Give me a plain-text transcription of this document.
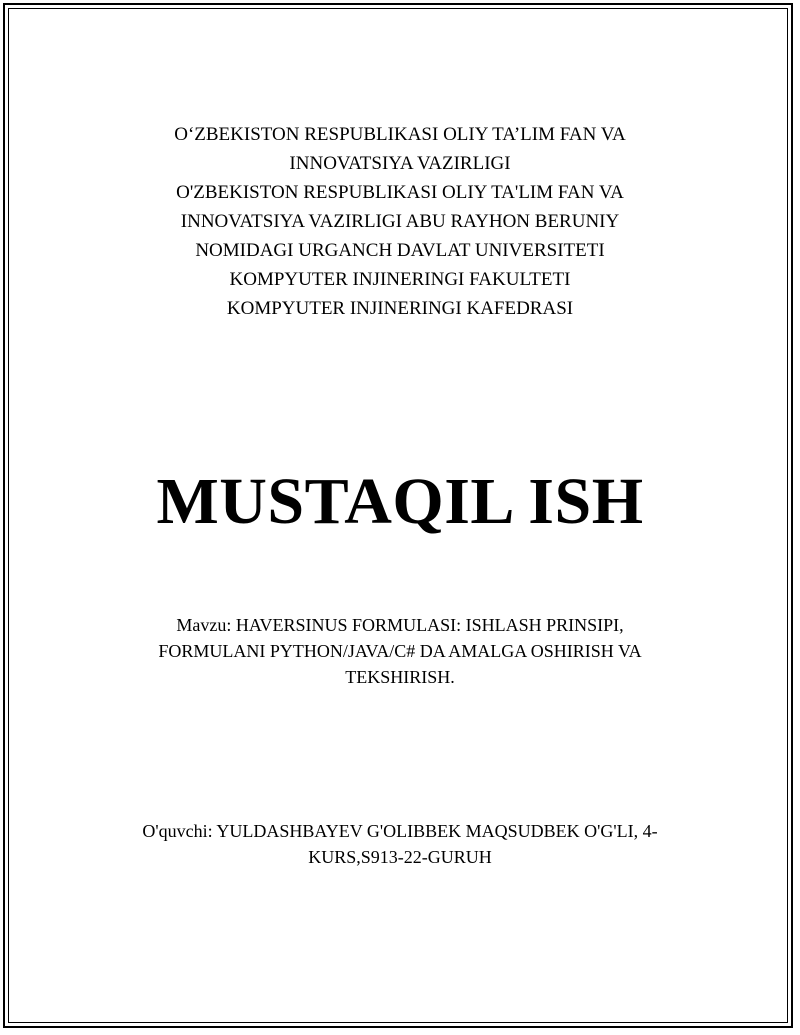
O‘ZBEKISTON RESPUBLIKASI OLIY TA’LIM FAN VA
INNOVATSIYA VAZIRLIGI
O'ZBEKISTON RESPUBLIKASI OLIY TA'LIM FAN VA
INNOVATSIYA VAZIRLIGI ABU RAYHON BERUNIY
NOMIDAGI URGANCH DAVLAT UNIVERSITETI
KOMPYUTER INJINERINGI FAKULTETI
KOMPYUTER INJINERINGI KAFEDRASI
MUSTAQIL ISH
Mavzu: HAVERSINUS FORMULASI: ISHLASH PRINSIPI,
FORMULANI PYTHON/JAVA/C# DA AMALGA OSHIRISH VA
TEKSHIRISH.
O'quvchi: YULDASHBAYEV G'OLIBBEK MAQSUDBEK O'G'LI, 4-
KURS,S913-22-GURUH
